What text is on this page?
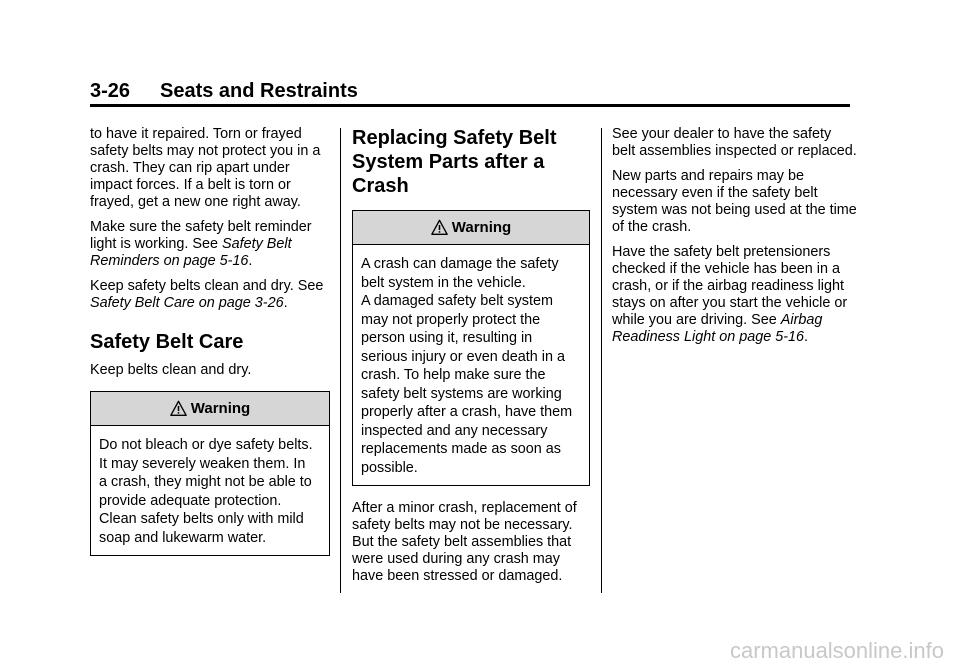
3-26 Seats and Restraints

to have it repaired. Torn or frayed safety belts may not protect you in a crash. They can rip apart under impact forces. If a belt is torn or frayed, get a new one right away.

Make sure the safety belt reminder light is working. See Safety Belt Reminders on page 5-16.

Keep safety belts clean and dry. See Safety Belt Care on page 3-26.

Safety Belt Care

Keep belts clean and dry.

Warning

Do not bleach or dye safety belts.

It may severely weaken them. In

a crash, they might not be able to

provide adequate protection.

Clean safety belts only with mild

soap and lukewarm water.

Replacing Safety Belt System Parts after a Crash
Warning

A crash can damage the safety

belt system in the vehicle.

A damaged safety belt system

may not properly protect the

person using it, resulting in

serious injury or even death in a

crash. To help make sure the

safety belt systems are working

properly after a crash, have them

inspected and any necessary

replacements made as soon as

possible.

After a minor crash, replacement of safety belts may not be necessary. But the safety belt assemblies that were used during any crash may have been stressed or damaged.

See your dealer to have the safety belt assemblies inspected or replaced.

New parts and repairs may be necessary even if the safety belt system was not being used at the time of the crash.

Have the safety belt pretensioners checked if the vehicle has been in a crash, or if the airbag readiness light stays on after you start the vehicle or while you are driving. See Airbag Readiness Light on page 5-16.

carmanualsonline.info
